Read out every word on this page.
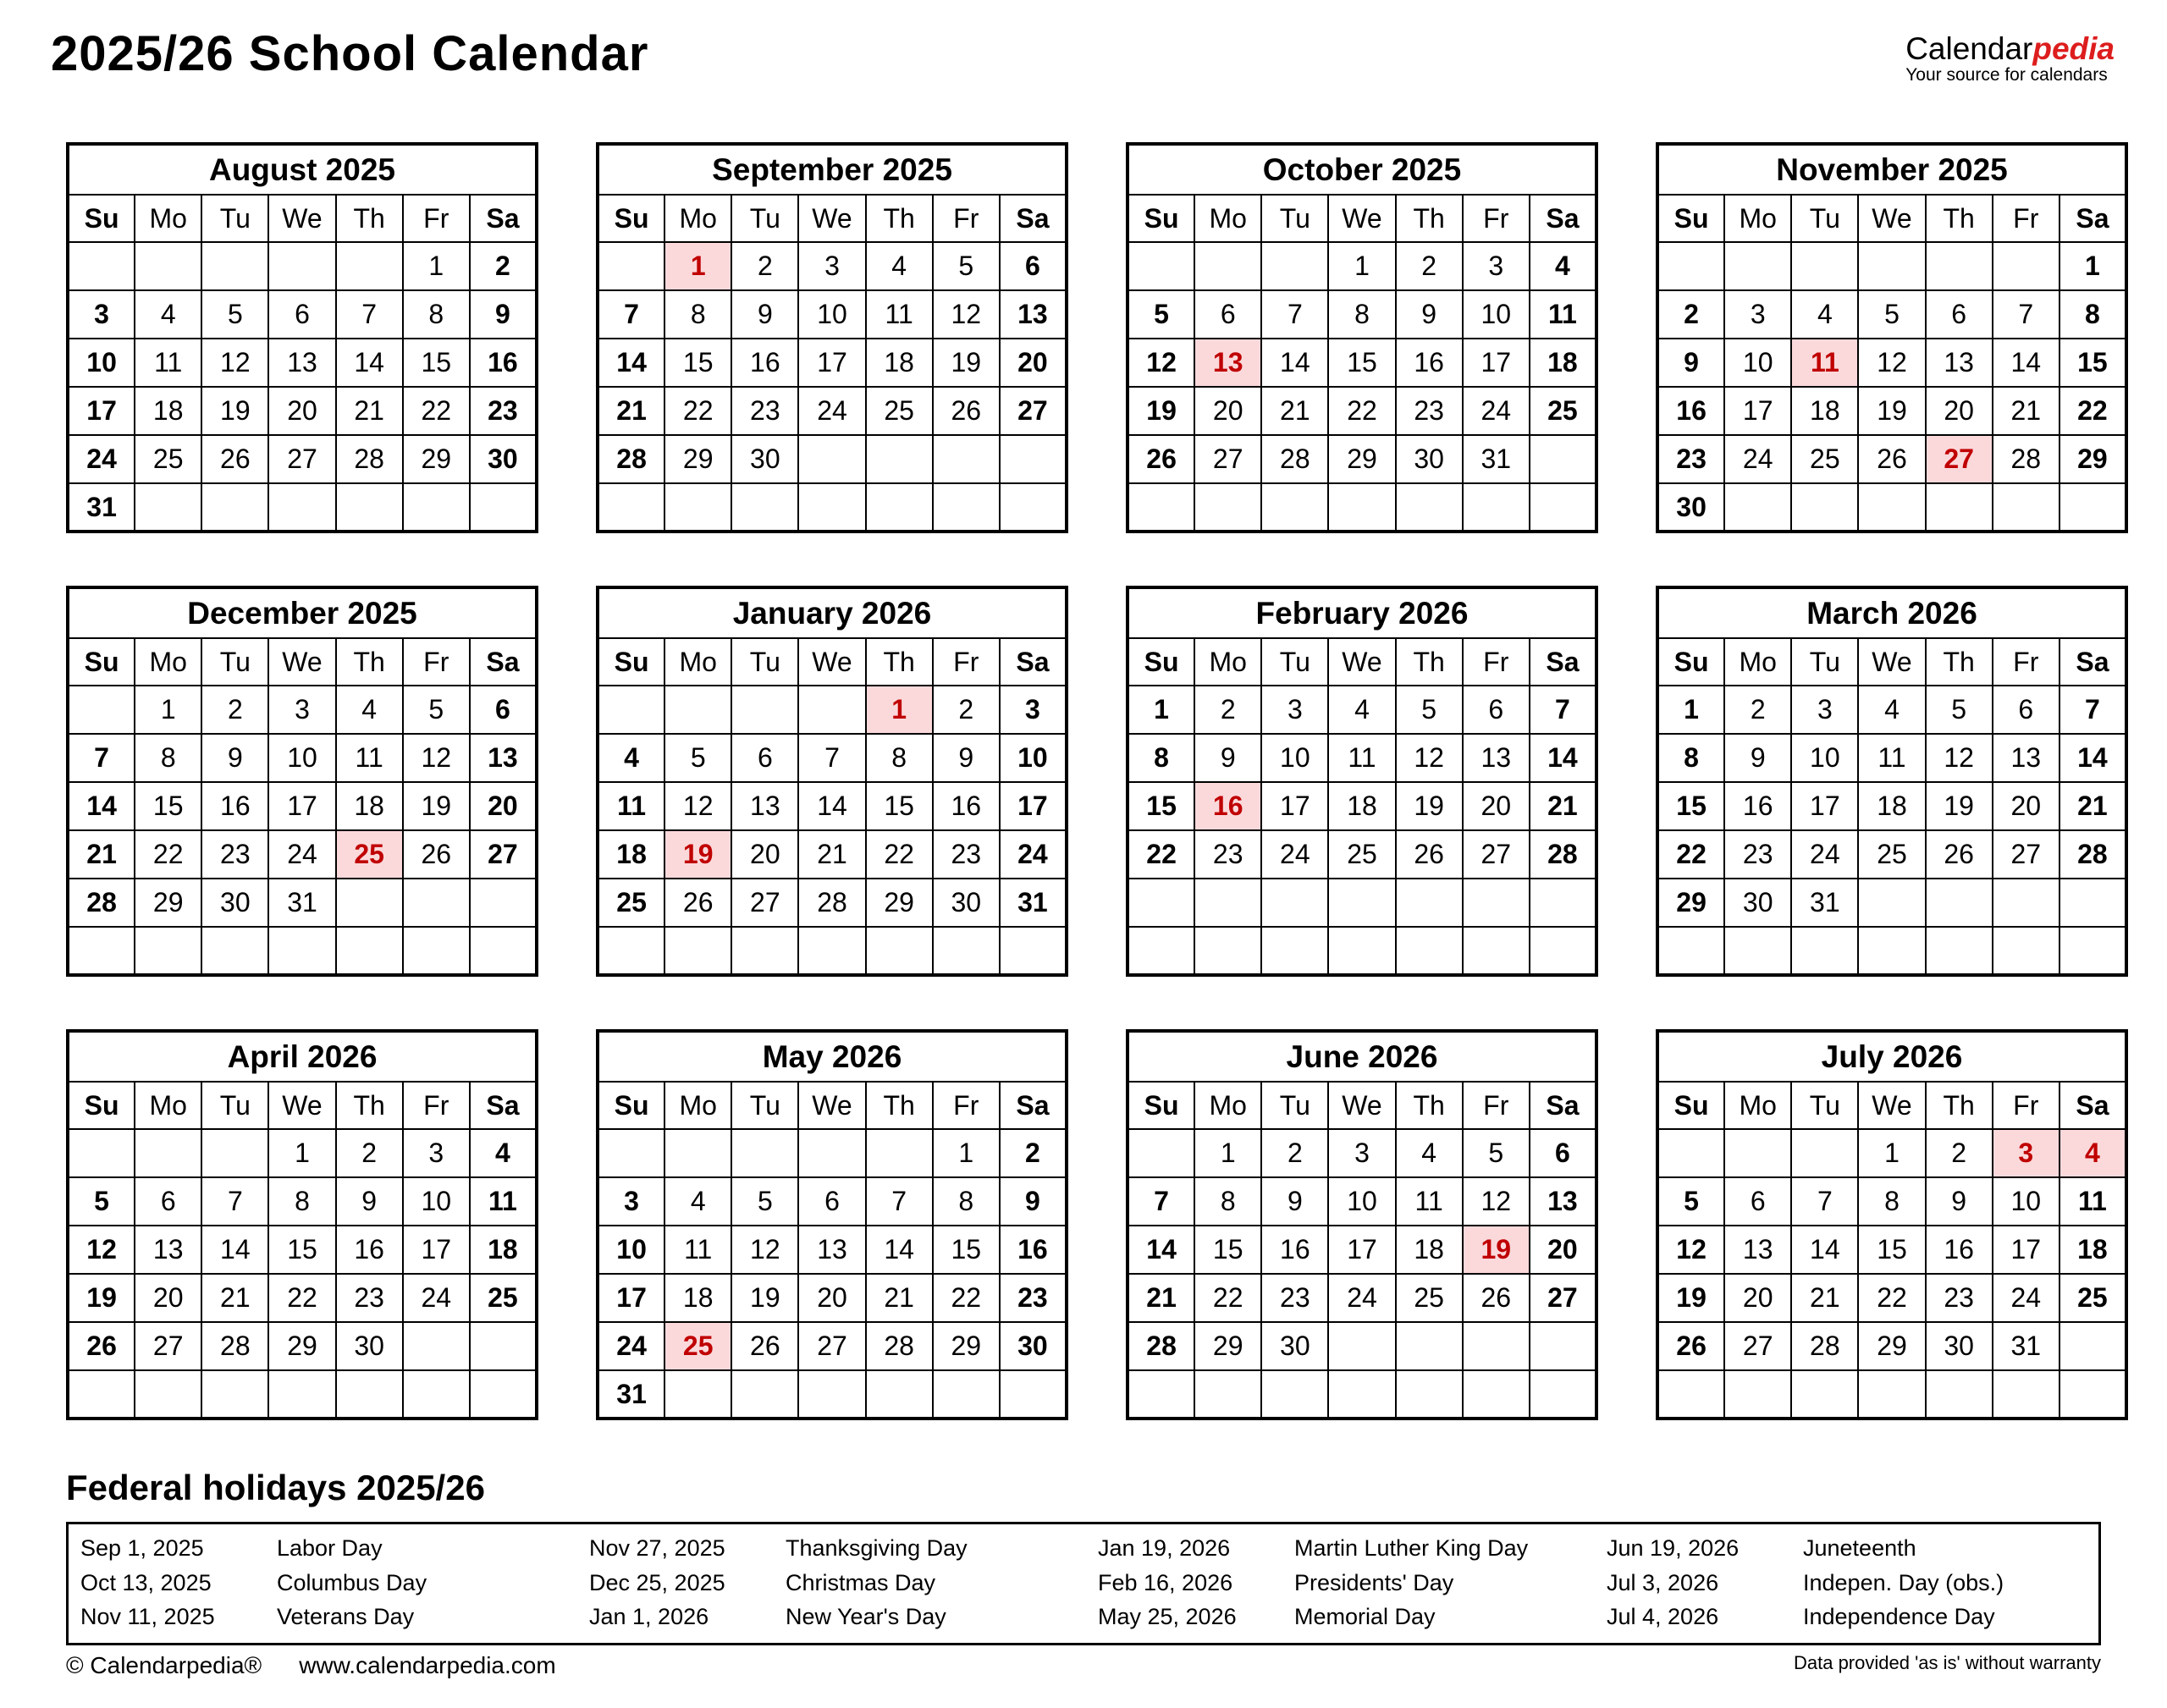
2025/26 School Calendar	Calendarpedia
Your source for calendars
August 2025						
Su	Mo	Tu	We	Th	Fr	Sa
					1	2
3	4	5	6	7	8	9
10	11	12	13	14	15	16
17	18	19	20	21	22	23
24	25	26	27	28	29	30
31						
September 2025						
Su	Mo	Tu	We	Th	Fr	Sa
	1	2	3	4	5	6
7	8	9	10	11	12	13
14	15	16	17	18	19	20
21	22	23	24	25	26	27
28	29	30				

October 2025						
Su	Mo	Tu	We	Th	Fr	Sa
			1	2	3	4
5	6	7	8	9	10	11
12	13	14	15	16	17	18
19	20	21	22	23	24	25
26	27	28	29	30	31	

November 2025						
Su	Mo	Tu	We	Th	Fr	Sa
						1
2	3	4	5	6	7	8
9	10	11	12	13	14	15
16	17	18	19	20	21	22
23	24	25	26	27	28	29
30						
December 2025						
Su	Mo	Tu	We	Th	Fr	Sa
	1	2	3	4	5	6
7	8	9	10	11	12	13
14	15	16	17	18	19	20
21	22	23	24	25	26	27
28	29	30	31			

January 2026						
Su	Mo	Tu	We	Th	Fr	Sa
				1	2	3
4	5	6	7	8	9	10
11	12	13	14	15	16	17
18	19	20	21	22	23	24
25	26	27	28	29	30	31

February 2026						
Su	Mo	Tu	We	Th	Fr	Sa
1	2	3	4	5	6	7
8	9	10	11	12	13	14
15	16	17	18	19	20	21
22	23	24	25	26	27	28

March 2026						
Su	Mo	Tu	We	Th	Fr	Sa
1	2	3	4	5	6	7
8	9	10	11	12	13	14
15	16	17	18	19	20	21
22	23	24	25	26	27	28
29	30	31				

April 2026						
Su	Mo	Tu	We	Th	Fr	Sa
			1	2	3	4
5	6	7	8	9	10	11
12	13	14	15	16	17	18
19	20	21	22	23	24	25
26	27	28	29	30		

May 2026						
Su	Mo	Tu	We	Th	Fr	Sa
					1	2
3	4	5	6	7	8	9
10	11	12	13	14	15	16
17	18	19	20	21	22	23
24	25	26	27	28	29	30
31						
June 2026						
Su	Mo	Tu	We	Th	Fr	Sa
	1	2	3	4	5	6
7	8	9	10	11	12	13
14	15	16	17	18	19	20
21	22	23	24	25	26	27
28	29	30				

July 2026						
Su	Mo	Tu	We	Th	Fr	Sa
			1	2	3	4
5	6	7	8	9	10	11
12	13	14	15	16	17	18
19	20	21	22	23	24	25
26	27	28	29	30	31	

Federal holidays 2025/26
Sep 1, 2025	Labor Day	Nov 27, 2025	Thanksgiving Day	Jan 19, 2026	Martin Luther King Day	Jun 19, 2026	Juneteenth
Oct 13, 2025	Columbus Day	Dec 25, 2025	Christmas Day	Feb 16, 2026	Presidents' Day	Jul 3, 2026	Indepen. Day (obs.)
Nov 11, 2025	Veterans Day	Jan 1, 2026	New Year's Day	May 25, 2026	Memorial Day	Jul 4, 2026	Independence Day
© Calendarpedia® www.calendarpedia.com	Data provided 'as is' without warranty
